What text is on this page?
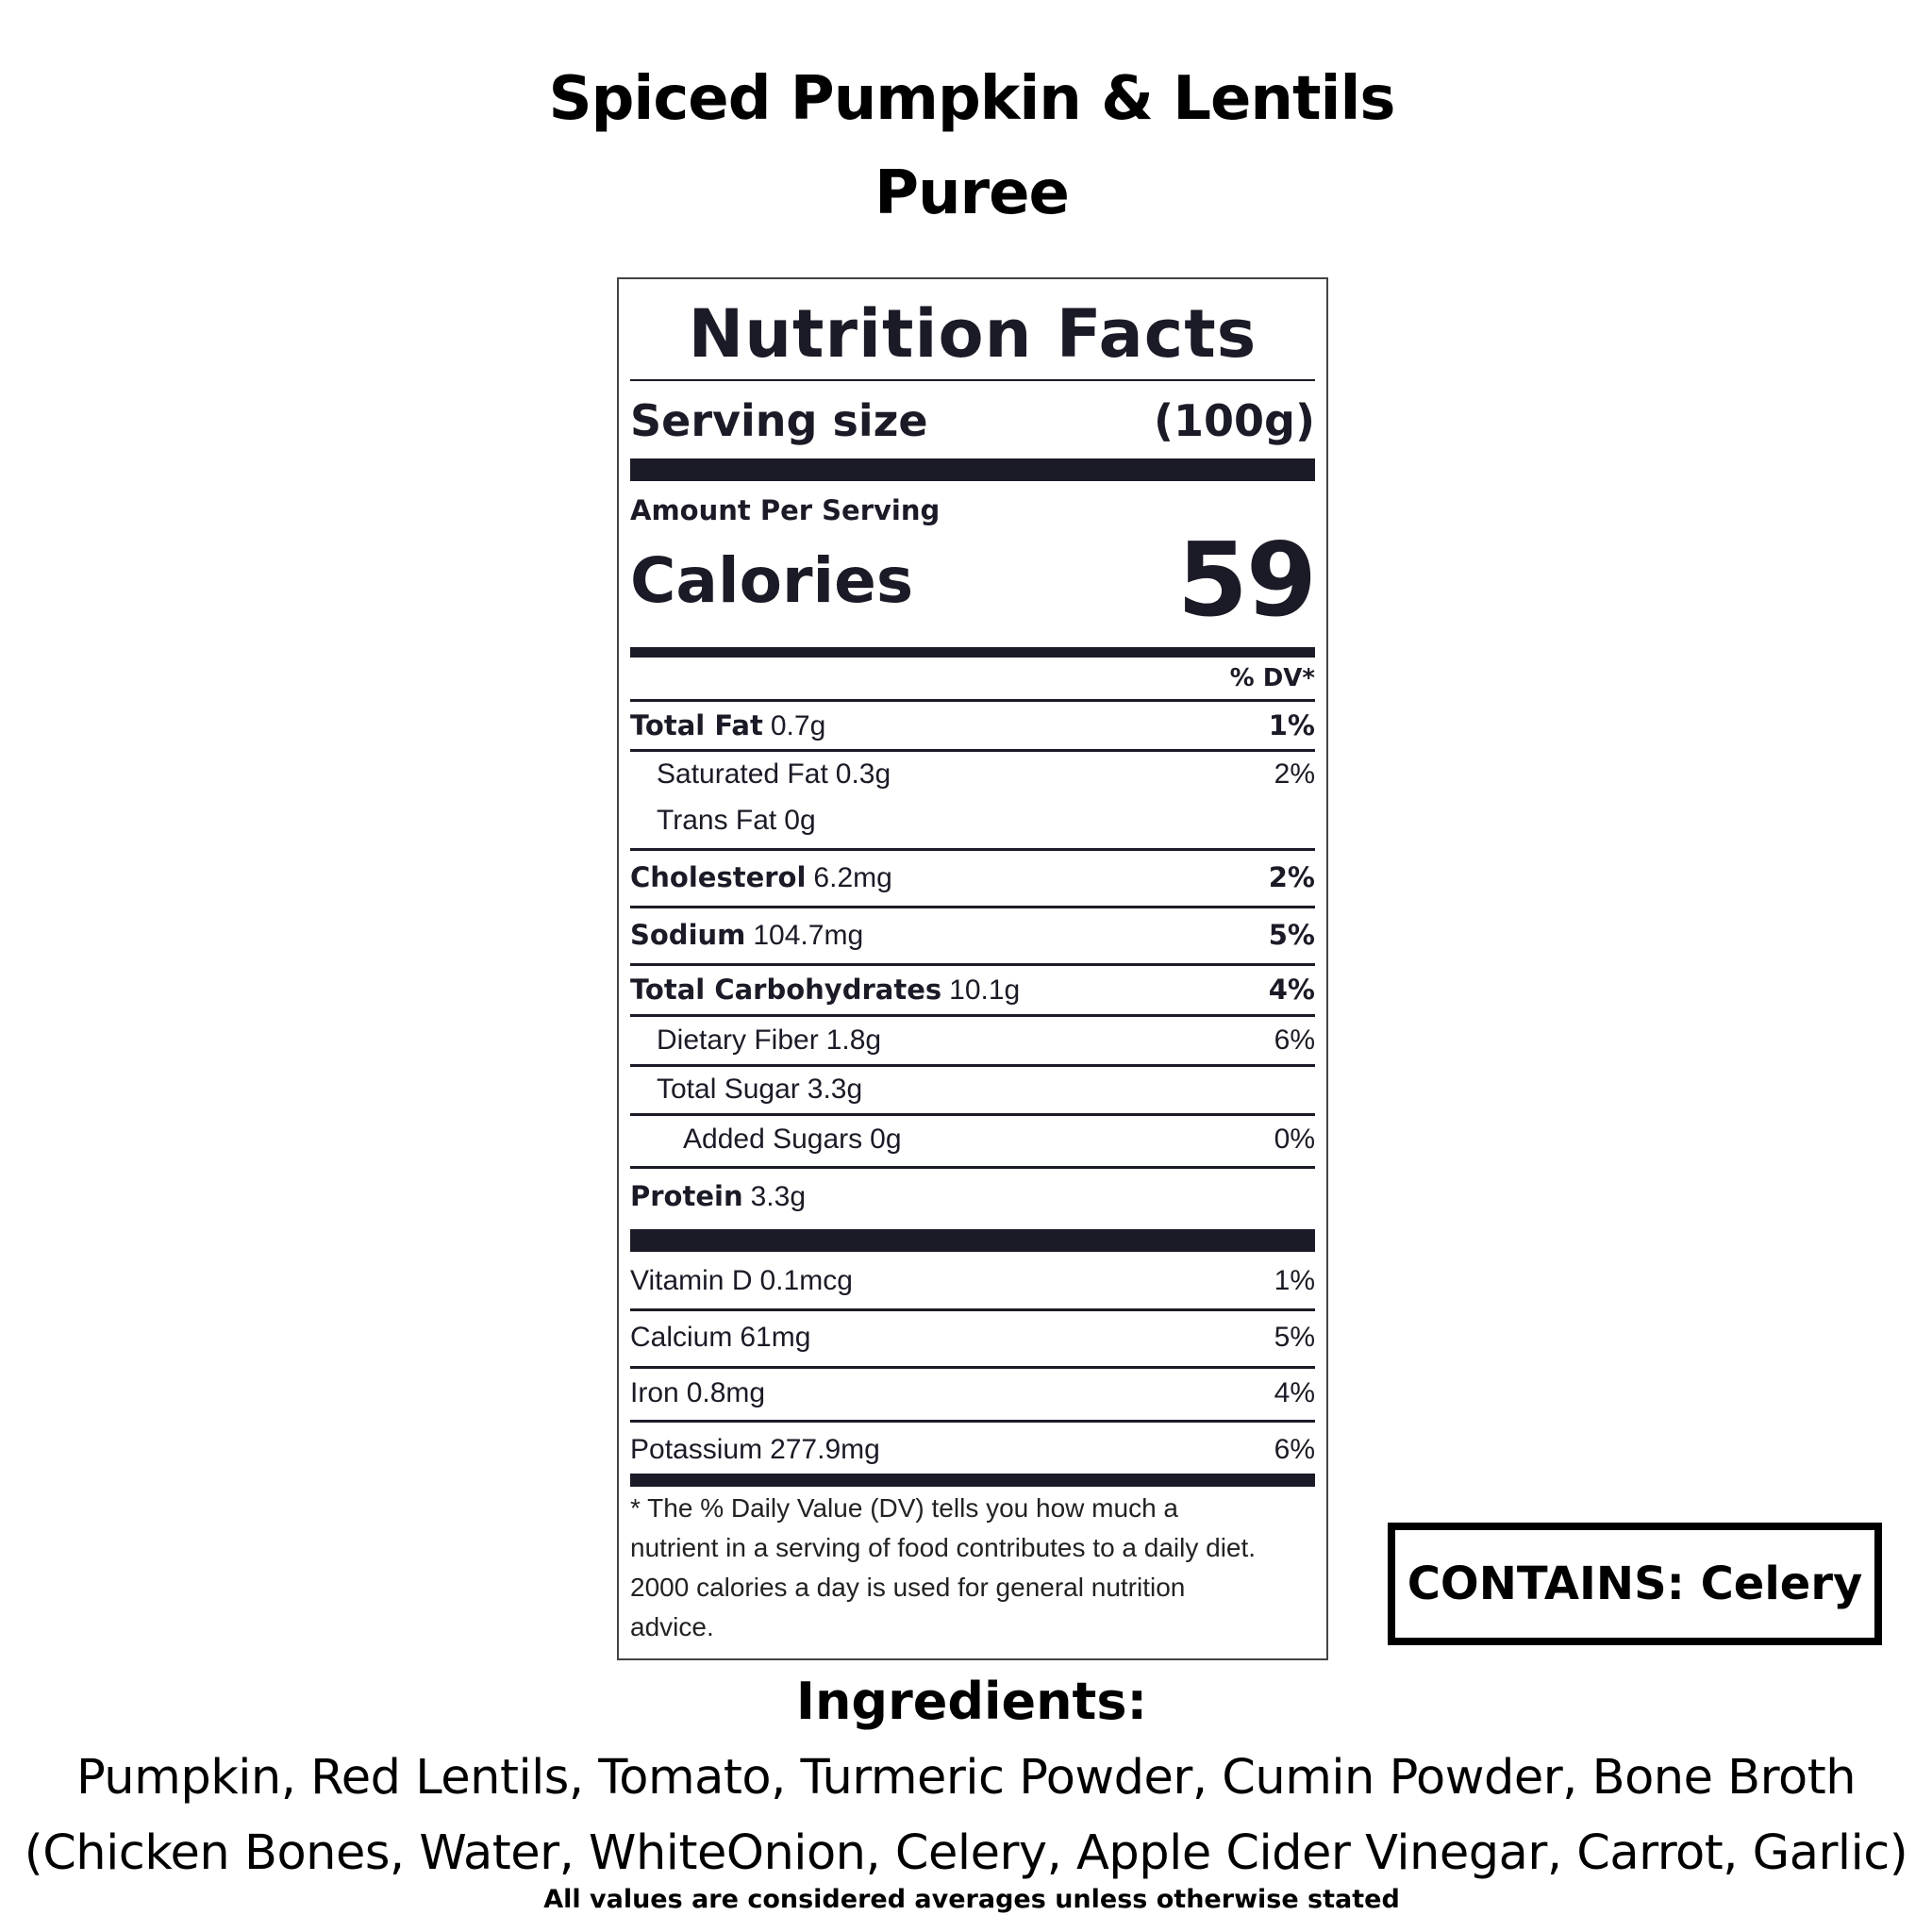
Spiced Pumpkin & Lentils
Puree
Nutrition Facts
Serving size	(100g)
Amount Per Serving
Calories	59
% DV*
Total Fat 0.7g	1%
Saturated Fat 0.3g	2%
Trans Fat 0g
Cholesterol 6.2mg	2%
Sodium 104.7mg	5%
Total Carbohydrates 10.1g	4%
Dietary Fiber 1.8g	6%
Total Sugar 3.3g
Added Sugars 0g	0%
Protein 3.3g
Vitamin D 0.1mcg	1%
Calcium 61mg	5%
Iron 0.8mg	4%
Potassium 277.9mg	6%
* The % Daily Value (DV) tells you how much a
nutrient in a serving of food contributes to a daily diet.
2000 calories a day is used for general nutrition
advice.
CONTAINS: Celery
Ingredients:
Pumpkin, Red Lentils, Tomato, Turmeric Powder, Cumin Powder, Bone Broth
(Chicken Bones, Water, WhiteOnion, Celery, Apple Cider Vinegar, Carrot, Garlic)
All values are considered averages unless otherwise stated
